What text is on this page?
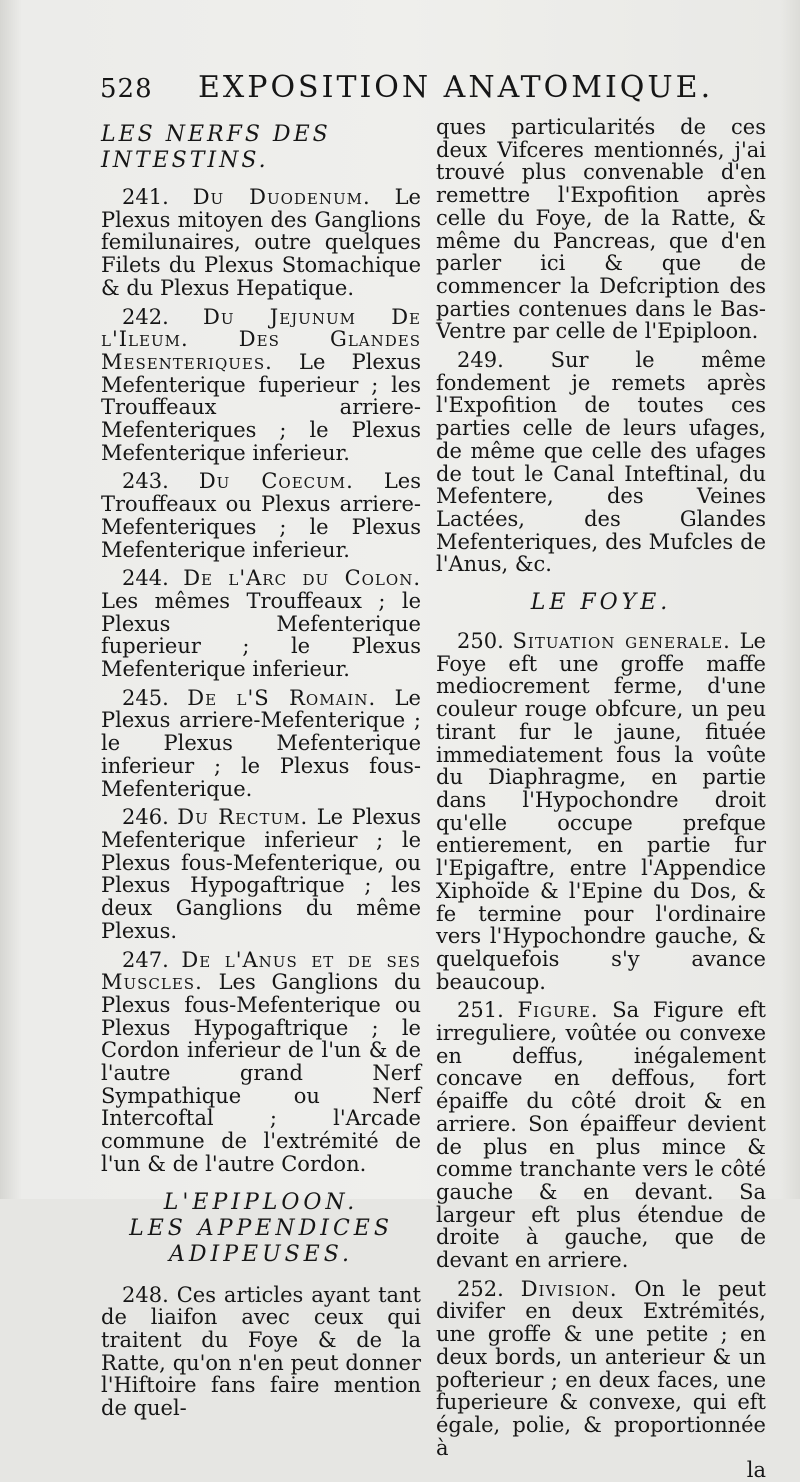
528 EXPOSITION ANATOMIQUE.

LES NERFS DES INTESTINS.

 241. Du Duodenum. Le Plexus mitoyen des Ganglions femilunaires, outre quelques Filets du Plexus Stomachique & du Plexus Hepatique.

 242. Du Jejunum De l'Ileum. Des Glandes Mesenteriques. Le Plexus Mefenterique fuperieur ; les Trouffeaux arriere-Mefenteriques ; le Plexus Mefenterique inferieur.

 243. Du Coecum. Les Trouffeaux ou Plexus arriere-Mefenteriques ; le Plexus Mefenterique inferieur.

 244. De l'Arc du Colon. Les mêmes Trouffeaux ; le Plexus Mefenterique fuperieur ; le Plexus Mefenterique inferieur.

 245. De l'S Romain. Le Plexus arriere-Mefenterique ; le Plexus Mefenterique inferieur ; le Plexus fous-Mefenterique.

 246. Du Rectum. Le Plexus Mefenterique inferieur ; le Plexus fous-Mefenterique, ou Plexus Hypogaftrique ; les deux Ganglions du même Plexus.

 247. De l'Anus et de ses Muscles. Les Ganglions du Plexus fous-Mefenterique ou Plexus Hypogaftrique ; le Cordon inferieur de l'un & de l'autre grand Nerf Sympathique ou Nerf Intercoftal ; l'Arcade commune de l'extrémité de l'un & de l'autre Cordon.

L'EPIPLOON.

LES APPENDICES

ADIPEUSES.

 248. Ces articles ayant tant de liaifon avec ceux qui traitent du Foye & de la Ratte, qu'on n'en peut donner l'Hiftoire fans faire mention de quel-

ques particularités de ces deux Vifceres mentionnés, j'ai trouvé plus convenable d'en remettre l'Expofition après celle du Foye, de la Ratte, & même du Pancreas, que d'en parler ici & que de commencer la Defcription des parties contenues dans le Bas-Ventre par celle de l'Epiploon.

 249. Sur le même fondement je remets après l'Expofition de toutes ces parties celle de leurs ufages, de même que celle des ufages de tout le Canal Inteftinal, du Mefentere, des Veines Lactées, des Glandes Mefenteriques, des Mufcles de l'Anus, &c.

LE FOYE.

 250. Situation generale. Le Foye eft une groffe maffe mediocrement ferme, d'une couleur rouge obfcure, un peu tirant fur le jaune, fituée immediatement fous la voûte du Diaphragme, en partie dans l'Hypochondre droit qu'elle occupe prefque entierement, en partie fur l'Epigaftre, entre l'Appendice Xiphoïde & l'Epine du Dos, & fe termine pour l'ordinaire vers l'Hypochondre gauche, & quelquefois s'y avance beaucoup.

 251. Figure. Sa Figure eft irreguliere, voûtée ou convexe en deffus, inégalement concave en deffous, fort épaiffe du côté droit & en arriere. Son épaiffeur devient de plus en plus mince & comme tranchante vers le côté gauche & en devant. Sa largeur eft plus étendue de droite à gauche, que de devant en arriere.

 252. Division. On le peut divifer en deux Extrémités, une groffe & une petite ; en deux bords, un anterieur & un pofterieur ; en deux faces, une fuperieure & convexe, qui eft égale, polie, & proportionnée à

la
